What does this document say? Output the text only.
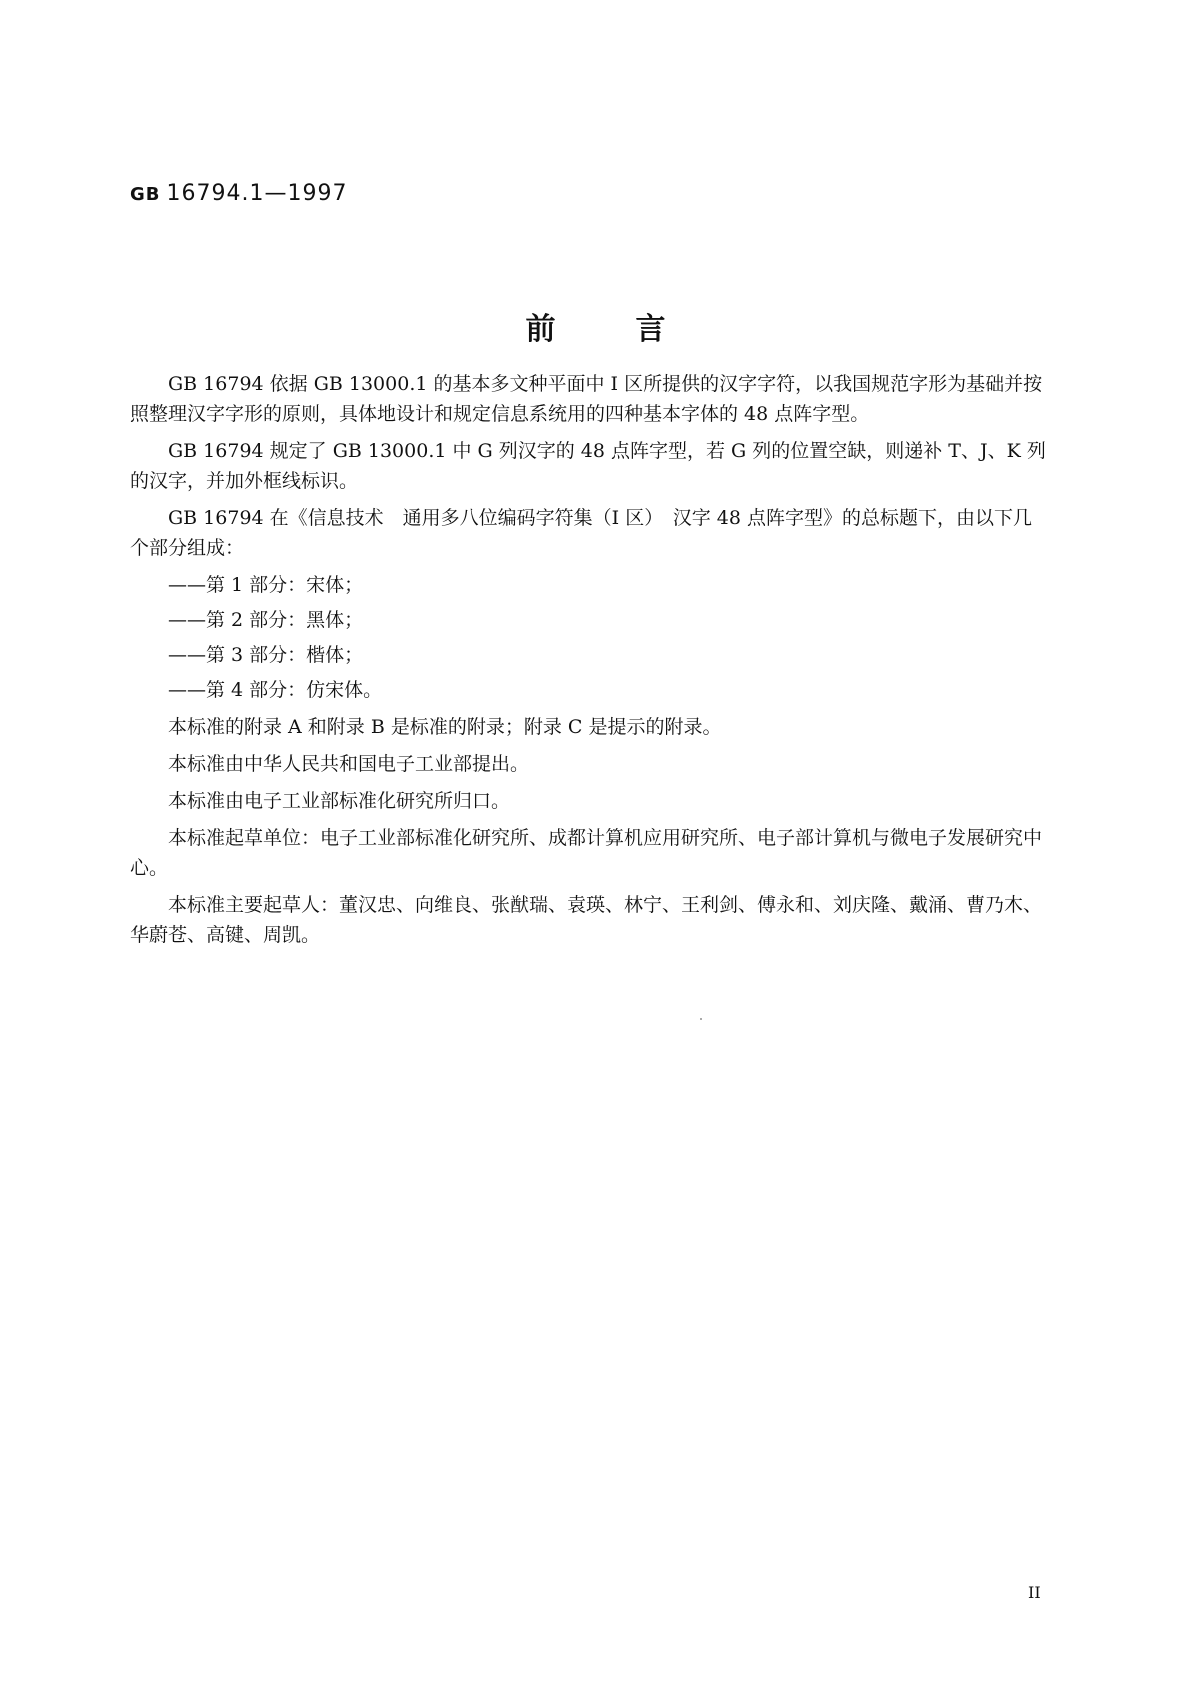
GB 16794.1—1997
前言

GB 16794 依据 GB 13000.1 的基本多文种平面中 I 区所提供的汉字字符，以我国规范字形为基础并按照整理汉字字形的原则，具体地设计和规定信息系统用的四种基本字体的 48 点阵字型。

GB 16794 规定了 GB 13000.1 中 G 列汉字的 48 点阵字型，若 G 列的位置空缺，则递补 T、J、K 列的汉字，并加外框线标识。

GB 16794 在《信息技术　通用多八位编码字符集（I 区）　汉字 48 点阵字型》的总标题下，由以下几个部分组成：

——第 1 部分：宋体；
——第 2 部分：黑体；
——第 3 部分：楷体；
——第 4 部分：仿宋体。

本标准的附录 A 和附录 B 是标准的附录；附录 C 是提示的附录。

本标准由中华人民共和国电子工业部提出。

本标准由电子工业部标准化研究所归口。

本标准起草单位：电子工业部标准化研究所、成都计算机应用研究所、电子部计算机与微电子发展研究中心。

本标准主要起草人：董汉忠、向维良、张猷瑞、袁瑛、林宁、王利剑、傅永和、刘庆隆、戴涌、曹乃木、华蔚苍、高键、周凯。

II
